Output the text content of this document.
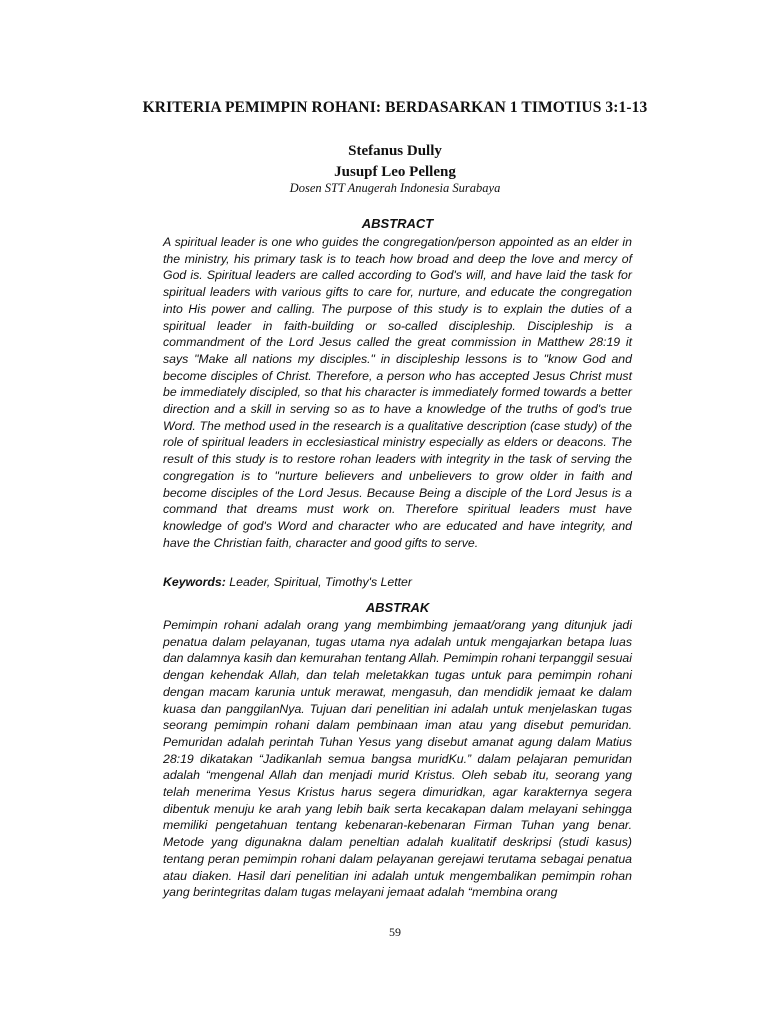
KRITERIA PEMIMPIN ROHANI: BERDASARKAN 1 TIMOTIUS 3:1-13
Stefanus Dully
Jusupf Leo Pelleng
Dosen STT Anugerah Indonesia Surabaya
ABSTRACT

A spiritual leader is one who guides the congregation/person appointed as an elder in the ministry, his primary task is to teach how broad and deep the love and mercy of God is. Spiritual leaders are called according to God's will, and have laid the task for spiritual leaders with various gifts to care for, nurture, and educate the congregation into His power and calling. The purpose of this study is to explain the duties of a spiritual leader in faith-building or so-called discipleship. Discipleship is a commandment of the Lord Jesus called the great commission in Matthew 28:19 it says "Make all nations my disciples." in discipleship lessons is to "know God and become disciples of Christ. Therefore, a person who has accepted Jesus Christ must be immediately discipled, so that his character is immediately formed towards a better direction and a skill in serving so as to have a knowledge of the truths of god's true Word. The method used in the research is a qualitative description (case study) of the role of spiritual leaders in ecclesiastical ministry especially as elders or deacons. The result of this study is to restore rohan leaders with integrity in the task of serving the congregation is to "nurture believers and unbelievers to grow older in faith and become disciples of the Lord Jesus. Because Being a disciple of the Lord Jesus is a command that dreams must work on. Therefore spiritual leaders must have knowledge of god's Word and character who are educated and have integrity, and have the Christian faith, character and good gifts to serve.

Keywords: Leader, Spiritual, Timothy's Letter
ABSTRAK

Pemimpin rohani adalah orang yang membimbing jemaat/orang yang ditunjuk jadi penatua dalam pelayanan, tugas utama nya adalah untuk mengajarkan betapa luas dan dalamnya kasih dan kemurahan tentang Allah. Pemimpin rohani terpanggil sesuai dengan kehendak Allah, dan telah meletakkan tugas untuk para pemimpin rohani dengan macam karunia untuk merawat, mengasuh, dan mendidik jemaat ke dalam kuasa dan panggilanNya. Tujuan dari penelitian ini adalah untuk menjelaskan tugas seorang pemimpin rohani dalam pembinaan iman atau yang disebut pemuridan. Pemuridan adalah perintah Tuhan Yesus yang disebut amanat agung dalam Matius 28:19 dikatakan “Jadikanlah semua bangsa muridKu.” dalam pelajaran pemuridan adalah “mengenal Allah dan menjadi murid Kristus. Oleh sebab itu, seorang yang telah menerima Yesus Kristus harus segera dimuridkan, agar karakternya segera dibentuk menuju ke arah yang lebih baik serta kecakapan dalam melayani sehingga memiliki pengetahuan tentang kebenaran-kebenaran Firman Tuhan yang benar. Metode yang digunakna dalam peneltian adalah kualitatif deskripsi (studi kasus) tentang peran pemimpin rohani dalam pelayanan gerejawi terutama sebagai penatua atau diaken. Hasil dari penelitian ini adalah untuk mengembalikan pemimpin rohan yang berintegritas dalam tugas melayani jemaat adalah “membina orang

59
